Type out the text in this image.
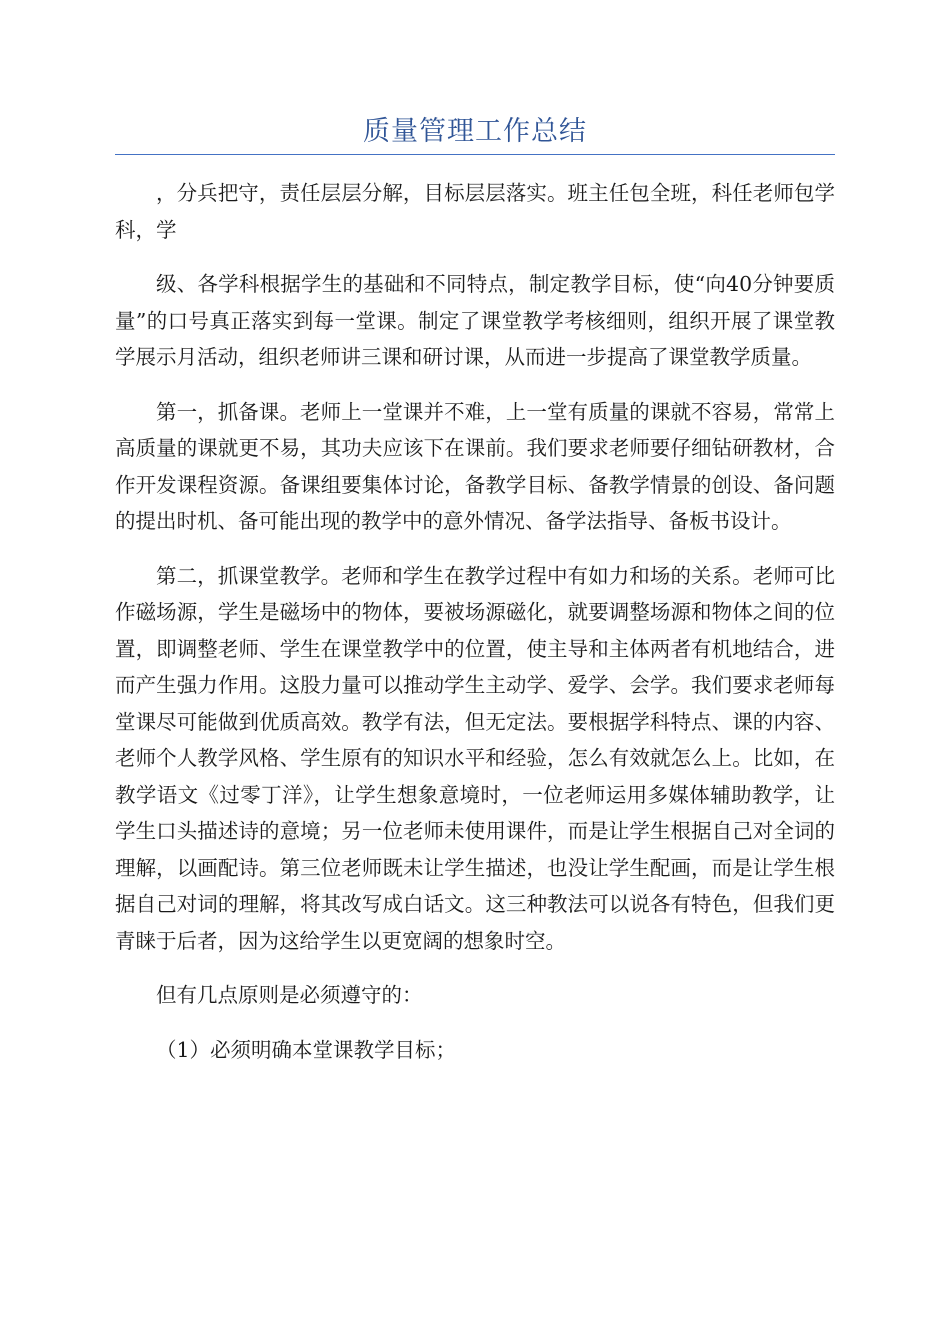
质量管理工作总结

，分兵把守，责任层层分解，目标层层落实。班主任包全班，科任老师包学科，学

级、各学科根据学生的基础和不同特点，制定教学目标，使“向40分钟要质量”的口号真正落实到每一堂课。制定了课堂教学考核细则，组织开展了课堂教学展示月活动，组织老师讲三课和研讨课，从而进一步提高了课堂教学质量。

第一，抓备课。老师上一堂课并不难，上一堂有质量的课就不容易，常常上高质量的课就更不易，其功夫应该下在课前。我们要求老师要仔细钻研教材，合作开发课程资源。备课组要集体讨论，备教学目标、备教学情景的创设、备问题的提出时机、备可能出现的教学中的意外情况、备学法指导、备板书设计。

第二，抓课堂教学。老师和学生在教学过程中有如力和场的关系。老师可比作磁场源，学生是磁场中的物体，要被场源磁化，就要调整场源和物体之间的位置，即调整老师、学生在课堂教学中的位置，使主导和主体两者有机地结合，进而产生强力作用。这股力量可以推动学生主动学、爱学、会学。我们要求老师每堂课尽可能做到优质高效。教学有法，但无定法。要根据学科特点、课的内容、老师个人教学风格、学生原有的知识水平和经验，怎么有效就怎么上。比如，在教学语文《过零丁洋》，让学生想象意境时，一位老师运用多媒体辅助教学，让学生口头描述诗的意境；另一位老师未使用课件，而是让学生根据自己对全词的理解，以画配诗。第三位老师既未让学生描述，也没让学生配画，而是让学生根据自己对词的理解，将其改写成白话文。这三种教法可以说各有特色，但我们更青睐于后者，因为这给学生以更宽阔的想象时空。

但有几点原则是必须遵守的：

（1）必须明确本堂课教学目标；
